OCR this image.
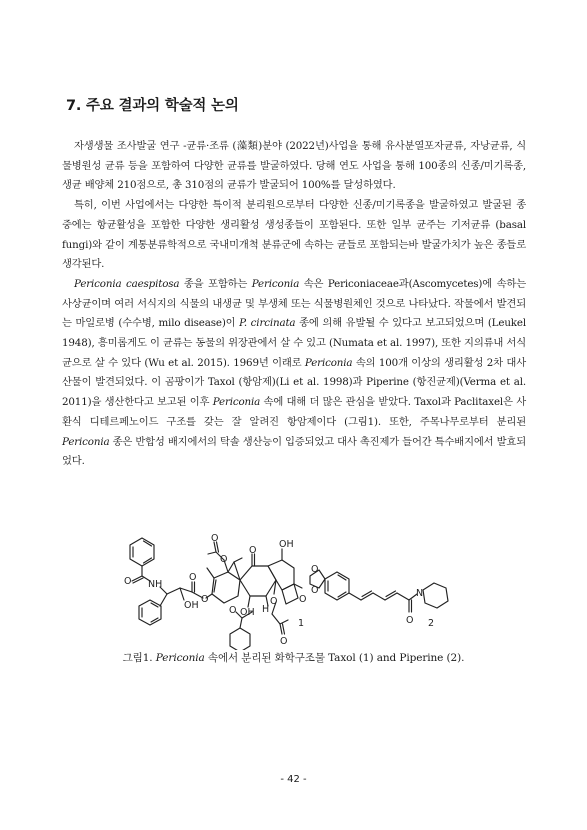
7. 주요 결과의 학술적 논의

자생생물 조사발굴 연구 -균류·조류 (藻類)분야 (2022년)사업을 통해 유사분열포자균류, 자낭균류, 식물병원성 균류 등을 포함하여 다양한 균류를 발굴하였다. 당해 연도 사업을 통해 100종의 신종/미기록종, 생균 배양체 210점으로, 총 310점의 균류가 발굴되어 100%를 달성하였다.

특히, 이번 사업에서는 다양한 특이적 분리원으로부터 다양한 신종/미기록종을 발굴하였고 발굴된 종 중에는 항균활성을 포함한 다양한 생리활성 생성종들이 포함된다. 또한 일부 균주는 기저균류 (basal fungi)와 같이 계통분류학적으로 국내미개척 분류군에 속하는 균들로 포함되는바 발굴가치가 높은 종들로 생각된다.

Periconia caespitosa 종을 포함하는 Periconia 속은 Periconiaceae과(Ascomycetes)에 속하는 사상균이며 여러 서식지의 식물의 내생균 및 부생체 또는 식물병원체인 것으로 나타났다. 작물에서 발견되는 마일로병 (수수병, milo disease)이 P. circinata 종에 의해 유발될 수 있다고 보고되었으며 (Leukel 1948), 흥미롭게도 이 균류는 동물의 위장관에서 살 수 있고 (Numata et al. 1997), 또한 지의류내 서식균으로 살 수 있다 (Wu et al. 2015). 1969년 이래로 Periconia 속의 100개 이상의 생리활성 2차 대사산물이 발견되었다. 이 곰팡이가 Taxol (항암제)(Li et al. 1998)과 Piperine (항진균제)(Verma et al. 2011)을 생산한다고 보고된 이후 Periconia 속에 대해 더 많은 관심을 받았다. Taxol과 Paclitaxel은 사환식 디테르페노이드 구조를 갖는 잘 알려진 항암제이다 (그림1). 또한, 주목나무로부터 분리된 Periconia 종은 반합성 배지에서의 탁솔 생산능이 입증되었고 대사 촉진제가 들어간 특수배지에서 발효되었다.

NH
O
OH
O
O
O
O
O
OH
OH H
O
O
O
O
1
O
O	N
O 2

그림1. Periconia 속에서 분리된 화학구조물 Taxol (1) and Piperine (2).

- 42 -
